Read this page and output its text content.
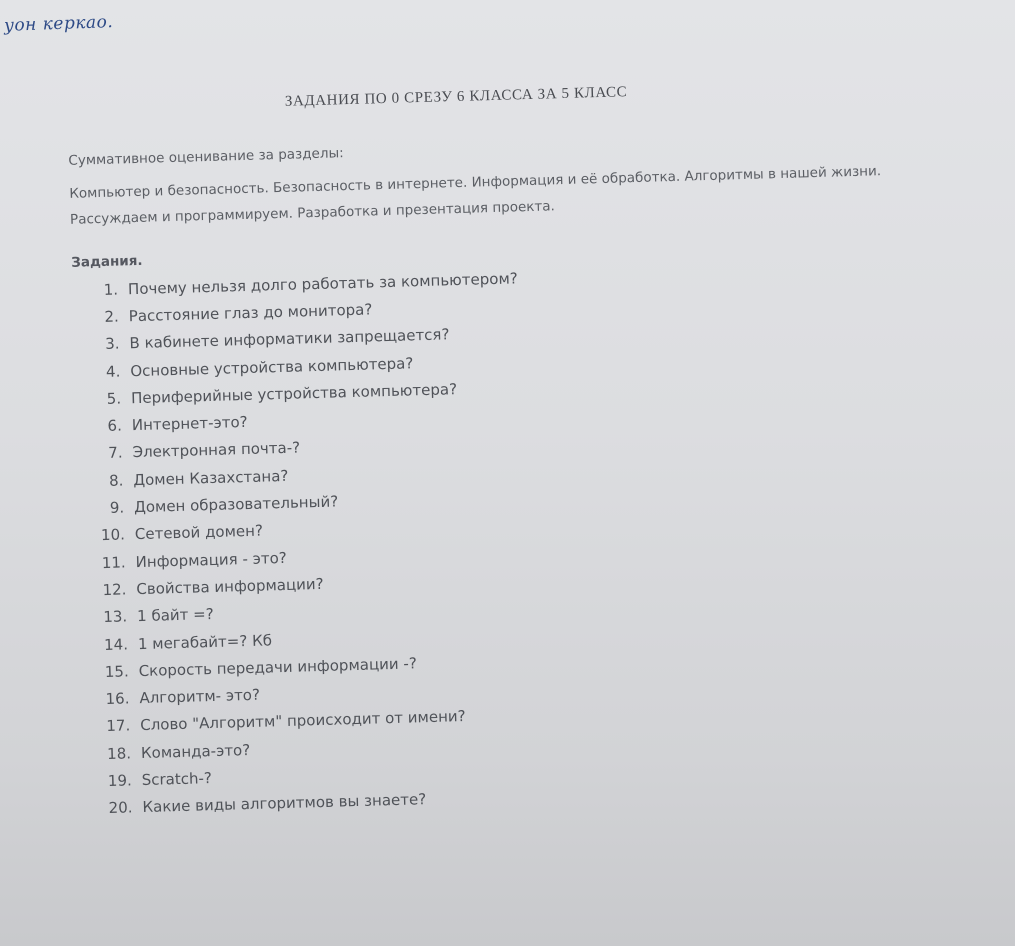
уон керкао.
ЗАДАНИЯ ПО 0 СРЕЗУ 6 КЛАССА ЗА 5 КЛАСС
Суммативное оценивание за разделы:
Компьютер и безопасность. Безопасность в интернете. Информация и её обработка. Алгоритмы в нашей жизни. Рассуждаем и программируем. Разработка и презентация проекта.
Задания.
1. Почему нельзя долго работать за компьютером?
2. Расстояние глаз до монитора?
3. В кабинете информатики запрещается?
4. Основные устройства компьютера?
5. Периферийные устройства компьютера?
6. Интернет-это?
7. Электронная почта-?
8. Домен Казахстана?
9. Домен образовательный?
10. Сетевой домен?
11. Информация - это?
12. Свойства информации?
13. 1 байт =?
14. 1 мегабайт=? Кб
15. Скорость передачи информации -?
16. Алгоритм- это?
17. Слово "Алгоритм" происходит от имени?
18. Команда-это?
19. Scratch-?
20. Какие виды алгоритмов вы знаете?
